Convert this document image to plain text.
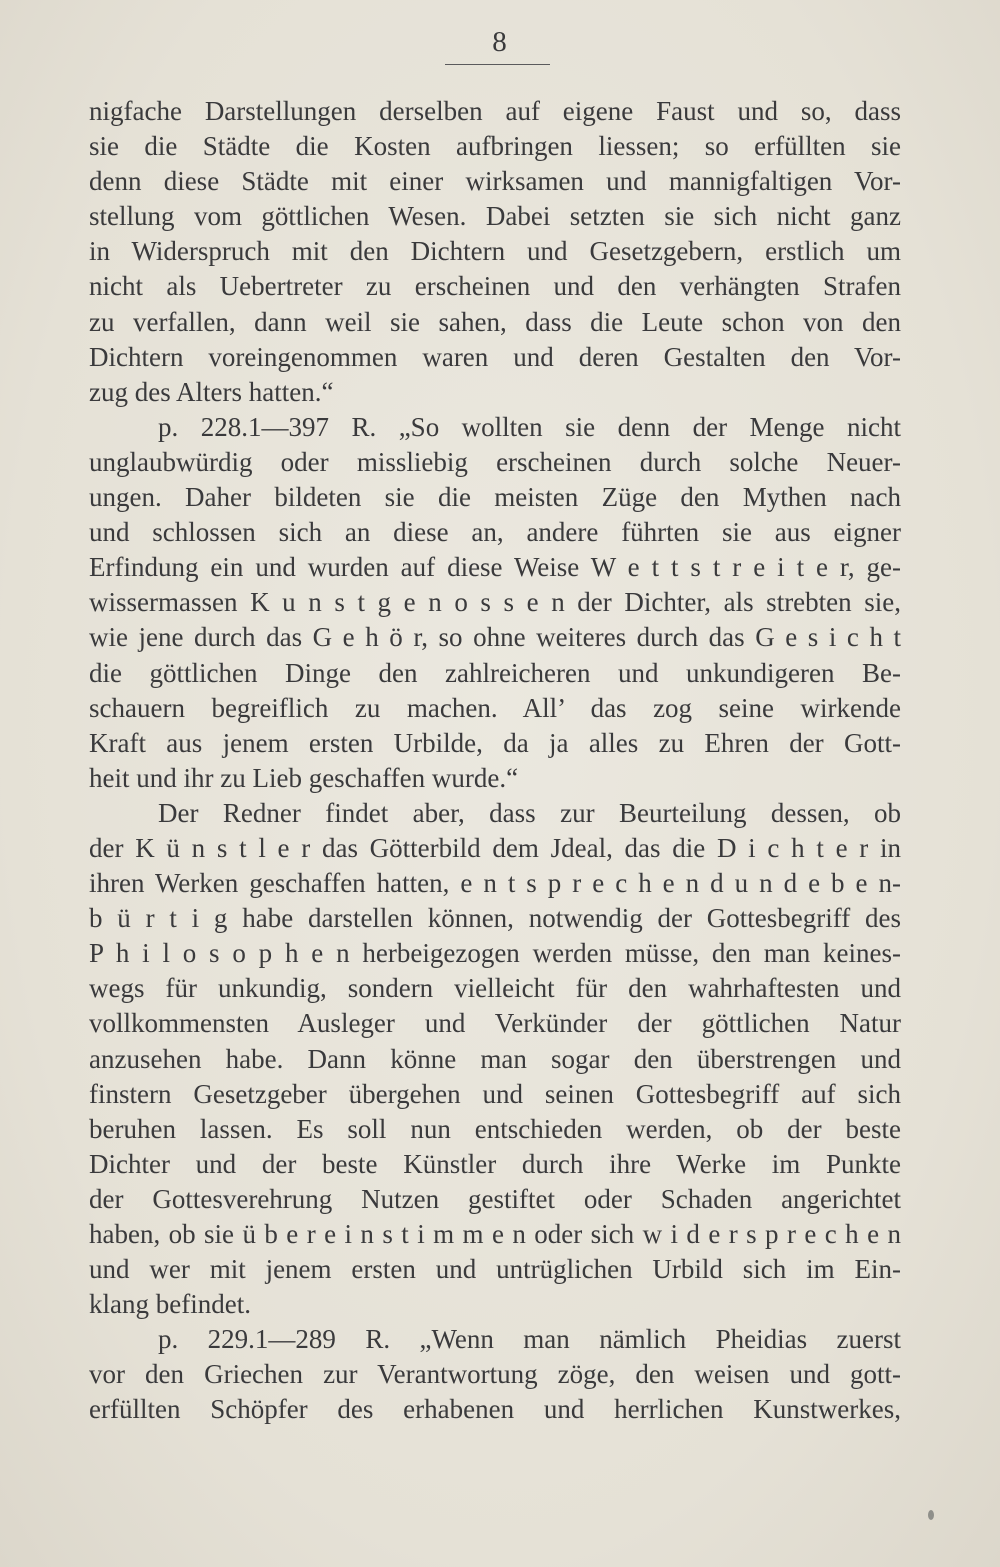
8
nigfache Darstellungen derselben auf eigene Faust und so, dass
sie die Städte die Kosten aufbringen liessen; so erfüllten sie
denn diese Städte mit einer wirksamen und mannigfaltigen Vor-
stellung vom göttlichen Wesen. Dabei setzten sie sich nicht ganz
in Widerspruch mit den Dichtern und Gesetzgebern, erstlich um
nicht als Uebertreter zu erscheinen und den verhängten Strafen
zu verfallen, dann weil sie sahen, dass die Leute schon von den
Dichtern voreingenommen waren und deren Gestalten den Vor-
zug des Alters hatten.“
p. 228.1—397 R. „So wollten sie denn der Menge nicht
unglaubwürdig oder missliebig erscheinen durch solche Neuer-
ungen. Daher bildeten sie die meisten Züge den Mythen nach
und schlossen sich an diese an, andere führten sie aus eigner
Erfindung ein und wurden auf diese Weise W e t t s t r e i t e r, ge-
wissermassen K u n s t g e n o s s e n der Dichter, als strebten sie,
wie jene durch das G e h ö r, so ohne weiteres durch das G e s i c h t
die göttlichen Dinge den zahlreicheren und unkundigeren Be-
schauern begreiflich zu machen. All’ das zog seine wirkende
Kraft aus jenem ersten Urbilde, da ja alles zu Ehren der Gott-
heit und ihr zu Lieb geschaffen wurde.“
Der Redner findet aber, dass zur Beurteilung dessen, ob
der K ü n s t l e r das Götterbild dem Jdeal, das die D i c h t e r in
ihren Werken geschaffen hatten, e n t s p r e c h e n d u n d e b e n-
b ü r t i g habe darstellen können, notwendig der Gottesbegriff des
P h i l o s o p h e n herbeigezogen werden müsse, den man keines-
wegs für unkundig, sondern vielleicht für den wahrhaftesten und
vollkommensten Ausleger und Verkünder der göttlichen Natur
anzusehen habe. Dann könne man sogar den überstrengen und
finstern Gesetzgeber übergehen und seinen Gottesbegriff auf sich
beruhen lassen. Es soll nun entschieden werden, ob der beste
Dichter und der beste Künstler durch ihre Werke im Punkte
der Gottesverehrung Nutzen gestiftet oder Schaden angerichtet
haben, ob sie ü b e r e i n s t i m m e n oder sich w i d e r s p r e c h e n
und wer mit jenem ersten und untrüglichen Urbild sich im Ein-
klang befindet.
p. 229.1—289 R. „Wenn man nämlich Pheidias zuerst
vor den Griechen zur Verantwortung zöge, den weisen und gott-
erfüllten Schöpfer des erhabenen und herrlichen Kunstwerkes,
